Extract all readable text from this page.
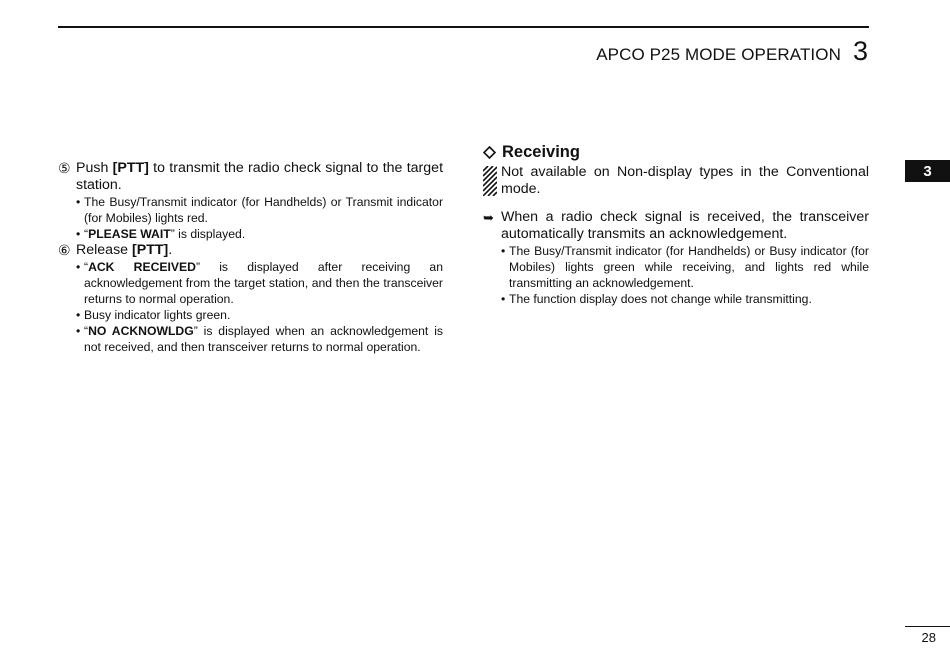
APCO P25 MODE OPERATION 3
3
⑤ Push [PTT] to transmit the radio check signal to the target station.
• The Busy/Transmit indicator (for Handhelds) or Transmit indicator (for Mobiles) lights red.
• “PLEASE WAIT” is displayed.
⑥ Release [PTT].
• “ACK RECEIVED” is displayed after receiving an acknowledgement from the target station, and then the transceiver returns to normal operation.
• Busy indicator lights green.
• “NO ACKNOWLDG” is displayed when an acknowledgement is not received, and then transceiver returns to normal operation.
Receiving
Not available on Non-display types in the Conventional mode.
➥ When a radio check signal is received, the transceiver automatically transmits an acknowledgement.
• The Busy/Transmit indicator (for Handhelds) or Busy indicator (for Mobiles) lights green while receiving, and lights red while transmitting an acknowledgement.
• The function display does not change while transmitting.
28
